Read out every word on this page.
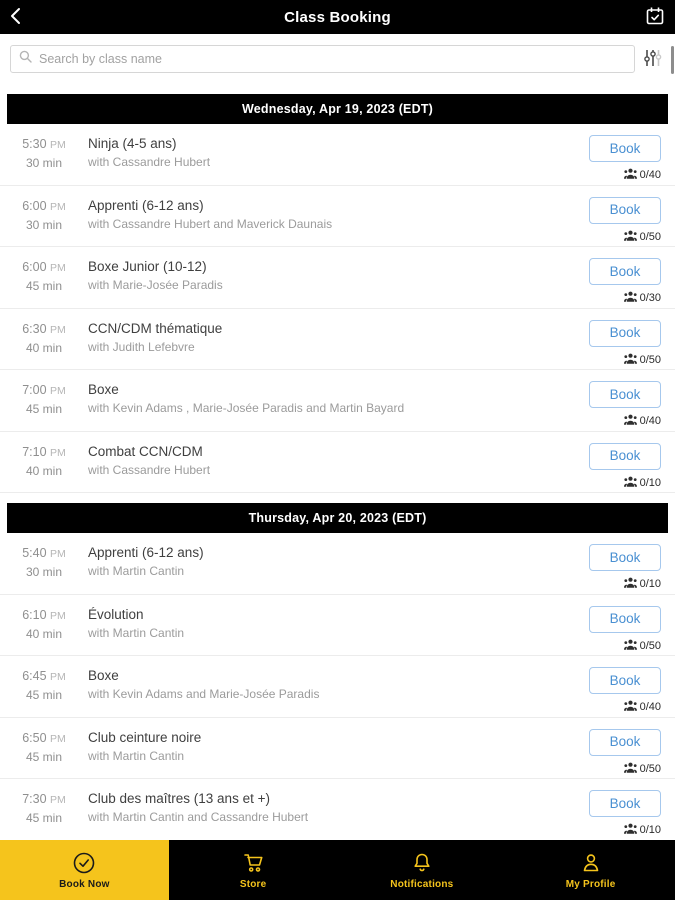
Class Booking
Search by class name
Wednesday, Apr 19, 2023 (EDT)
5:30 PM
30 min
Ninja (4-5 ans)
with Cassandre Hubert
Book
0/40
6:00 PM
30 min
Apprenti (6-12 ans)
with Cassandre Hubert and Maverick Daunais
Book
0/50
6:00 PM
45 min
Boxe Junior (10-12)
with Marie-Josée Paradis
Book
0/30
6:30 PM
40 min
CCN/CDM thématique
with Judith Lefebvre
Book
0/50
7:00 PM
45 min
Boxe
with Kevin Adams , Marie-Josée Paradis and Martin Bayard
Book
0/40
7:10 PM
40 min
Combat CCN/CDM
with Cassandre Hubert
Book
0/10
Thursday, Apr 20, 2023 (EDT)
5:40 PM
30 min
Apprenti (6-12 ans)
with Martin Cantin
Book
0/10
6:10 PM
40 min
Évolution
with Martin Cantin
Book
0/50
6:45 PM
45 min
Boxe
with Kevin Adams and Marie-Josée Paradis
Book
0/40
6:50 PM
45 min
Club ceinture noire
with Martin Cantin
Book
0/50
7:30 PM
45 min
Club des maîtres (13 ans et +)
with Martin Cantin and Cassandre Hubert
Book
0/10
Book Now	Store	Notifications	My Profile
